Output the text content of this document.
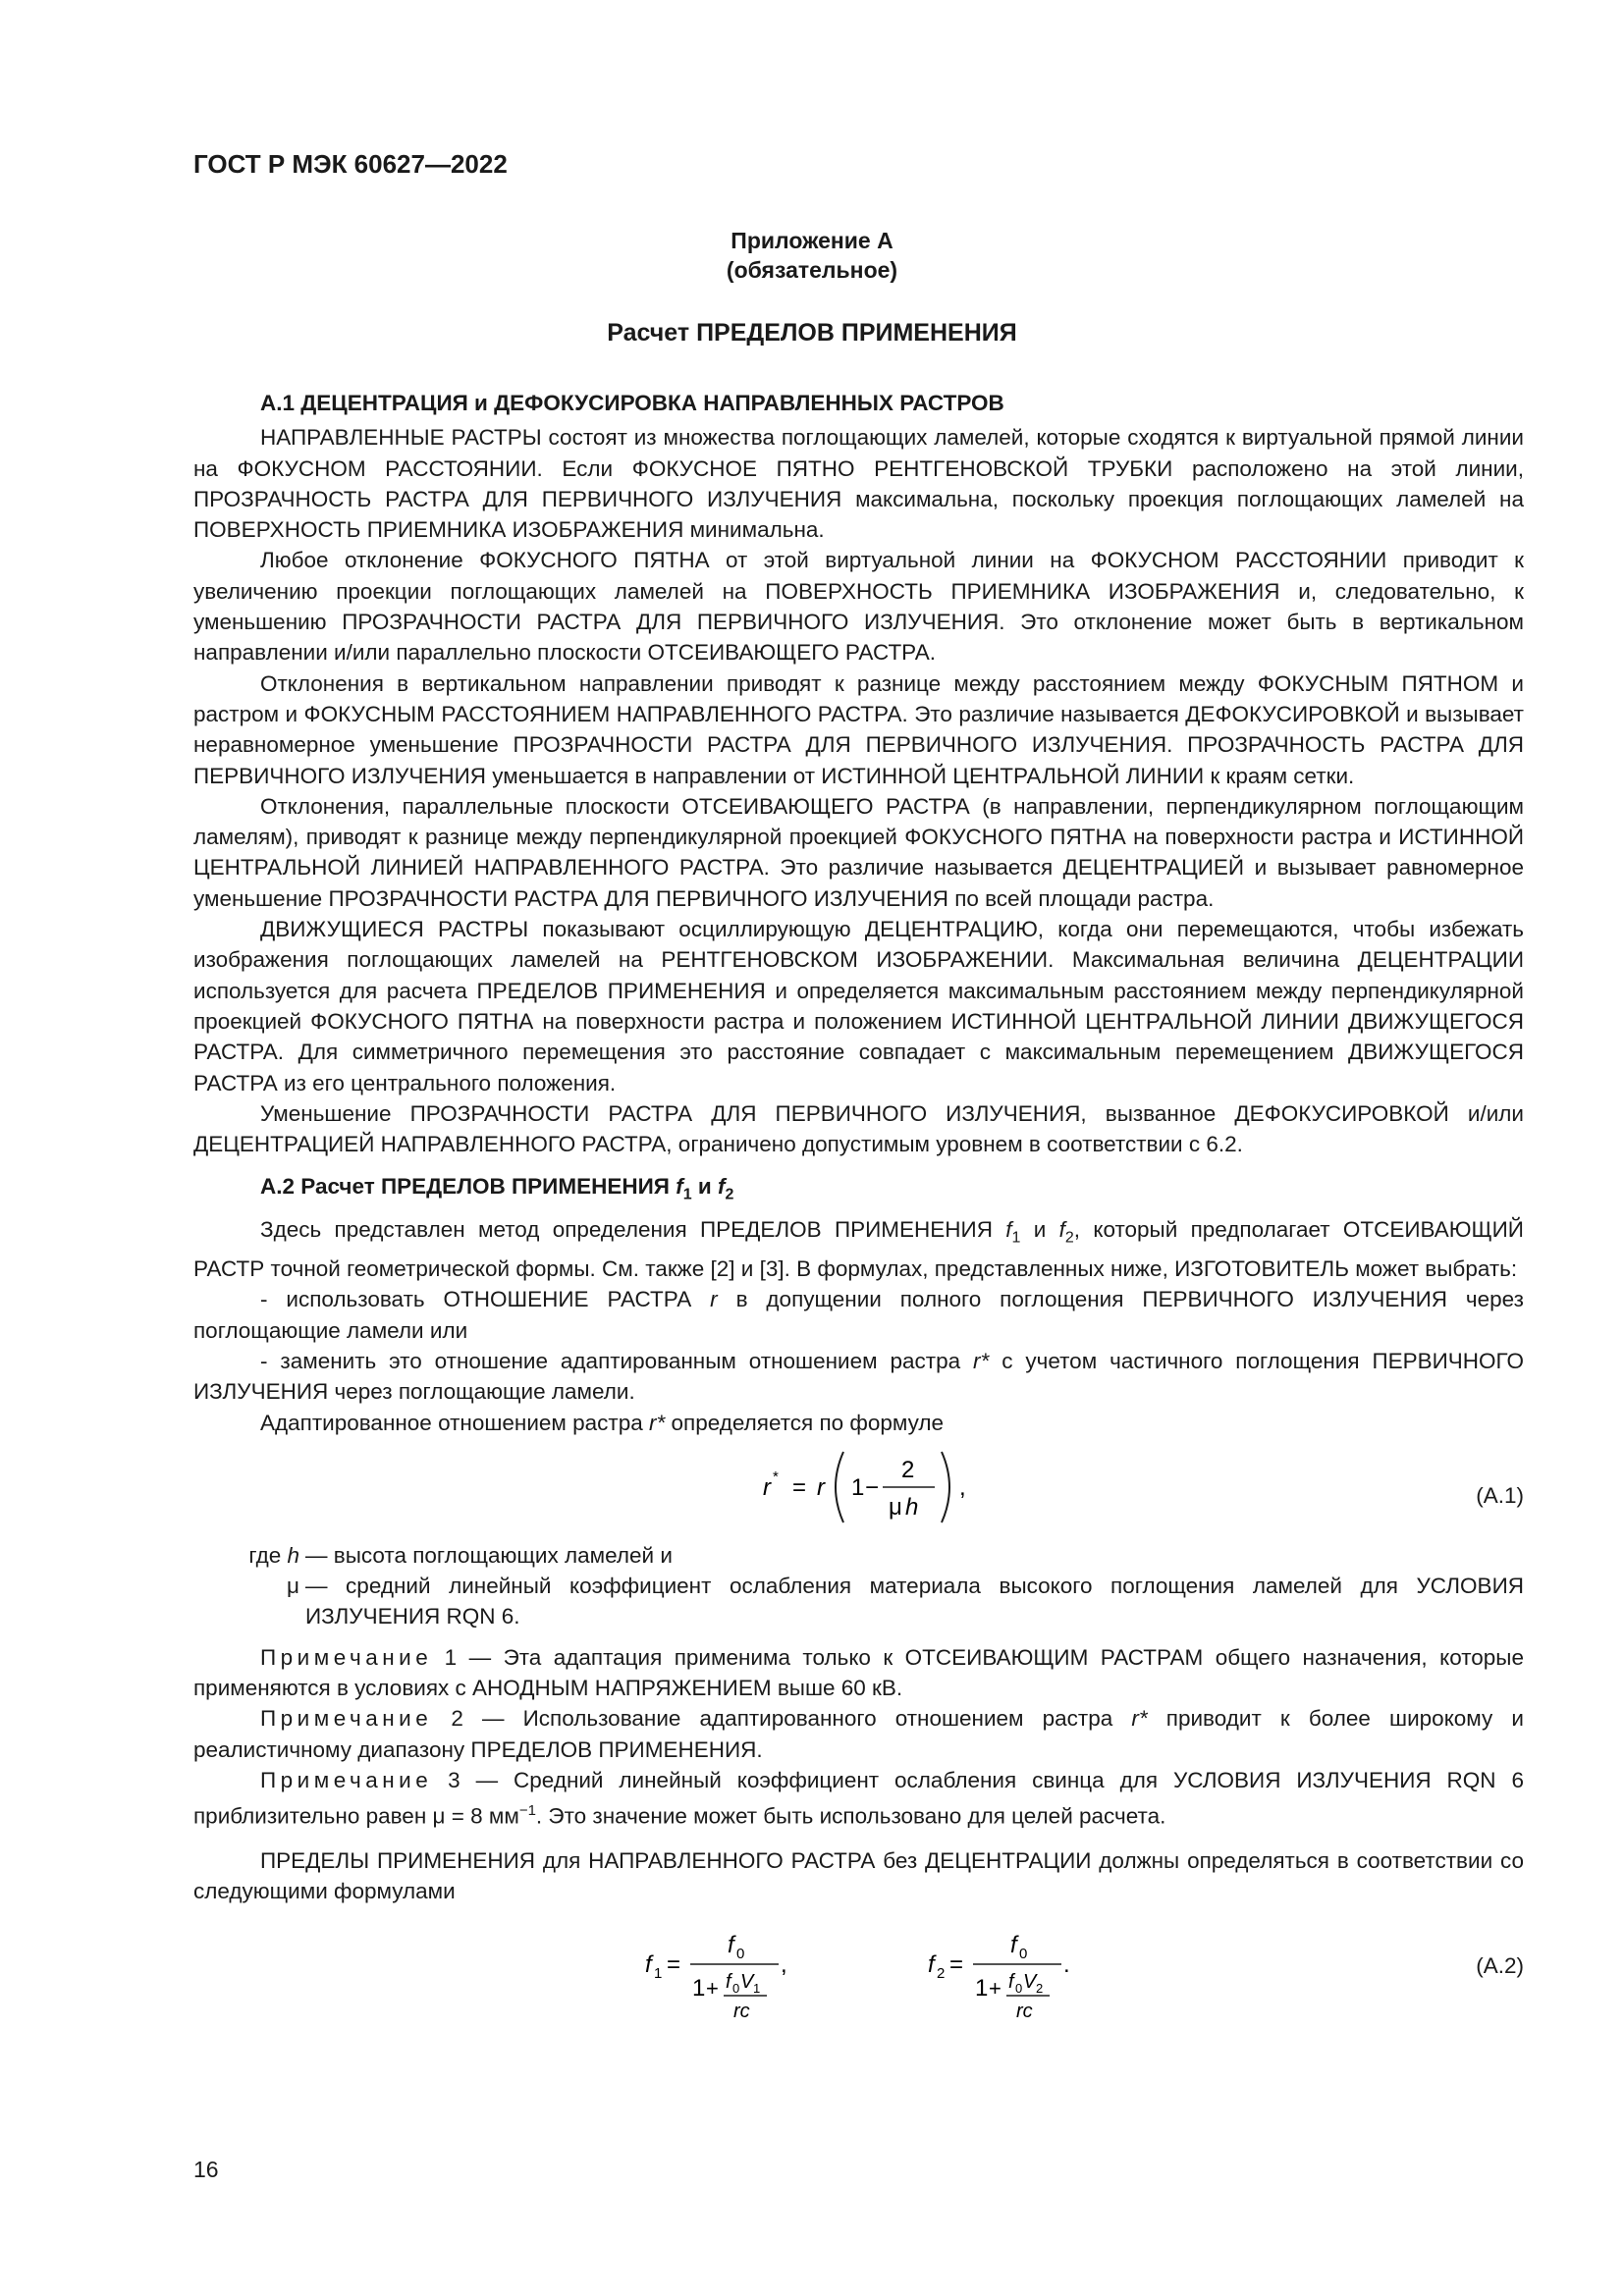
ГОСТ Р МЭК 60627—2022
Приложение А
(обязательное)
Расчет ПРЕДЕЛОВ ПРИМЕНЕНИЯ
А.1 ДЕЦЕНТРАЦИЯ и ДЕФОКУСИРОВКА НАПРАВЛЕННЫХ РАСТРОВ

НАПРАВЛЕННЫЕ РАСТРЫ состоят из множества поглощающих ламелей, которые сходятся к виртуальной прямой линии на ФОКУСНОМ РАССТОЯНИИ. Если ФОКУСНОЕ ПЯТНО РЕНТГЕНОВСКОЙ ТРУБКИ расположено на этой линии, ПРОЗРАЧНОСТЬ РАСТРА ДЛЯ ПЕРВИЧНОГО ИЗЛУЧЕНИЯ максимальна, поскольку проекция поглощающих ламелей на ПОВЕРХНОСТЬ ПРИЕМНИКА ИЗОБРАЖЕНИЯ минимальна.

Любое отклонение ФОКУСНОГО ПЯТНА от этой виртуальной линии на ФОКУСНОМ РАССТОЯНИИ приводит к увеличению проекции поглощающих ламелей на ПОВЕРХНОСТЬ ПРИЕМНИКА ИЗОБРАЖЕНИЯ и, следовательно, к уменьшению ПРОЗРАЧНОСТИ РАСТРА ДЛЯ ПЕРВИЧНОГО ИЗЛУЧЕНИЯ. Это отклонение может быть в вертикальном направлении и/или параллельно плоскости ОТСЕИВАЮЩЕГО РАСТРА.

Отклонения в вертикальном направлении приводят к разнице между расстоянием между ФОКУСНЫМ ПЯТНОМ и растром и ФОКУСНЫМ РАССТОЯНИЕМ НАПРАВЛЕННОГО РАСТРА. Это различие называется ДЕФОКУСИРОВКОЙ и вызывает неравномерное уменьшение ПРОЗРАЧНОСТИ РАСТРА ДЛЯ ПЕРВИЧНОГО ИЗЛУЧЕНИЯ. ПРОЗРАЧНОСТЬ РАСТРА ДЛЯ ПЕРВИЧНОГО ИЗЛУЧЕНИЯ уменьшается в направлении от ИСТИННОЙ ЦЕНТРАЛЬНОЙ ЛИНИИ к краям сетки.

Отклонения, параллельные плоскости ОТСЕИВАЮЩЕГО РАСТРА (в направлении, перпендикулярном поглощающим ламелям), приводят к разнице между перпендикулярной проекцией ФОКУСНОГО ПЯТНА на поверхности растра и ИСТИННОЙ ЦЕНТРАЛЬНОЙ ЛИНИЕЙ НАПРАВЛЕННОГО РАСТРА. Это различие называется ДЕЦЕНТРАЦИЕЙ и вызывает равномерное уменьшение ПРОЗРАЧНОСТИ РАСТРА ДЛЯ ПЕРВИЧНОГО ИЗЛУЧЕНИЯ по всей площади растра.

ДВИЖУЩИЕСЯ РАСТРЫ показывают осциллирующую ДЕЦЕНТРАЦИЮ, когда они перемещаются, чтобы избежать изображения поглощающих ламелей на РЕНТГЕНОВСКОМ ИЗОБРАЖЕНИИ. Максимальная величина ДЕЦЕНТРАЦИИ используется для расчета ПРЕДЕЛОВ ПРИМЕНЕНИЯ и определяется максимальным расстоянием между перпендикулярной проекцией ФОКУСНОГО ПЯТНА на поверхности растра и положением ИСТИННОЙ ЦЕНТРАЛЬНОЙ ЛИНИИ ДВИЖУЩЕГОСЯ РАСТРА. Для симметричного перемещения это расстояние совпадает с максимальным перемещением ДВИЖУЩЕГОСЯ РАСТРА из его центрального положения.

Уменьшение ПРОЗРАЧНОСТИ РАСТРА ДЛЯ ПЕРВИЧНОГО ИЗЛУЧЕНИЯ, вызванное ДЕФОКУСИРОВКОЙ и/или ДЕЦЕНТРАЦИЕЙ НАПРАВЛЕННОГО РАСТРА, ограничено допустимым уровнем в соответствии с 6.2.

А.2 Расчет ПРЕДЕЛОВ ПРИМЕНЕНИЯ $f_1$ и $f_2$

Здесь представлен метод определения ПРЕДЕЛОВ ПРИМЕНЕНИЯ $f_1$ и $f_2$, который предполагает ОТСЕИВАЮЩИЙ РАСТР точной геометрической формы. См. также [2] и [3]. В формулах, представленных ниже, ИЗГОТОВИТЕЛЬ может выбрать:

- использовать ОТНОШЕНИЕ РАСТРА r в допущении полного поглощения ПЕРВИЧНОГО ИЗЛУЧЕНИЯ через поглощающие ламели или

- заменить это отношение адаптированным отношением растра r* с учетом частичного поглощения ПЕРВИЧНОГО ИЗЛУЧЕНИЯ через поглощающие ламели.

Адаптированное отношением растра r* определяется по формуле

r * = r 1 −
2
μ h
,	(А.1)
где h — высота поглощающих ламелей и
μ — средний линейный коэффициент ослабления материала высокого поглощения ламелей для УСЛОВИЯ ИЗЛУЧЕНИЯ RQN 6.

Примечание 1 — Эта адаптация применима только к ОТСЕИВАЮЩИМ РАСТРАМ общего назначения, которые применяются в условиях с АНОДНЫМ НАПРЯЖЕНИЕМ выше 60 кВ.

Примечание 2 — Использование адаптированного отношением растра r* приводит к более широкому и реалистичному диапазону ПРЕДЕЛОВ ПРИМЕНЕНИЯ.

Примечание 3 — Средний линейный коэффициент ослабления свинца для УСЛОВИЯ ИЗЛУЧЕНИЯ RQN 6 приблизительно равен μ = 8 $мм^{-1}$. Это значение может быть использовано для целей расчета.

ПРЕДЕЛЫ ПРИМЕНЕНИЯ для НАПРАВЛЕННОГО РАСТРА без ДЕЦЕНТРАЦИИ должны определяться в соответствии со следующими формулами

f 1 =
f 0
1 + f 0 V 1
rc
,	f 2 =
f 0
1 + f 0 V 2
rc
.	(А.2)
16
